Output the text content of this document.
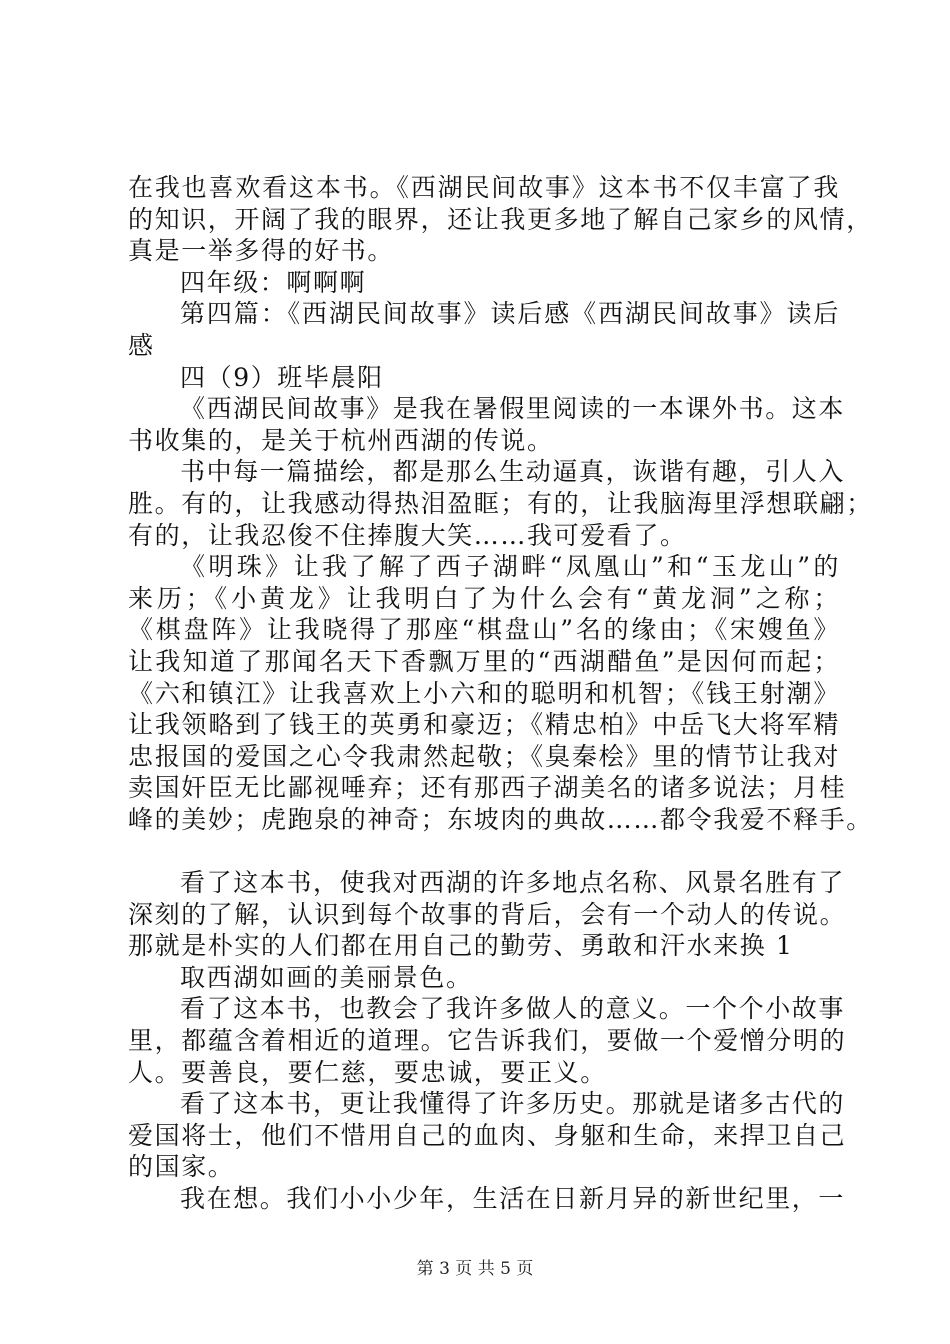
在我也喜欢看这本书。《西湖民间故事》这本书不仅丰富了我
的知识，开阔了我的眼界，还让我更多地了解自己家乡的风情，
真是一举多得的好书。
四年级：啊啊啊
第四篇：《西湖民间故事》读后感《西湖民间故事》读后
感
四（9）班毕晨阳
《西湖民间故事》是我在暑假里阅读的一本课外书。这本
书收集的，是关于杭州西湖的传说。
书中每一篇描绘，都是那么生动逼真，诙谐有趣，引人入
胜。有的，让我感动得热泪盈眶；有的，让我脑海里浮想联翩；
有的，让我忍俊不住捧腹大笑……我可爱看了。
《明珠》让我了解了西子湖畔“凤凰山”和“玉龙山”的
来历；《小黄龙》让我明白了为什么会有“黄龙洞”之称；
《棋盘阵》让我晓得了那座“棋盘山”名的缘由；《宋嫂鱼》
让我知道了那闻名天下香飘万里的“西湖醋鱼”是因何而起；
《六和镇江》让我喜欢上小六和的聪明和机智；《钱王射潮》
让我领略到了钱王的英勇和豪迈；《精忠柏》中岳飞大将军精
忠报国的爱国之心令我肃然起敬；《臭秦桧》里的情节让我对
卖国奸臣无比鄙视唾弃；还有那西子湖美名的诸多说法；月桂
峰的美妙；虎跑泉的神奇；东坡肉的典故……都令我爱不释手。
看了这本书，使我对西湖的许多地点名称、风景名胜有了
深刻的了解，认识到每个故事的背后，会有一个动人的传说。
那就是朴实的人们都在用自己的勤劳、勇敢和汗水来换 1
取西湖如画的美丽景色。
看了这本书，也教会了我许多做人的意义。一个个小故事
里，都蕴含着相近的道理。它告诉我们，要做一个爱憎分明的
人。要善良，要仁慈，要忠诚，要正义。
看了这本书，更让我懂得了许多历史。那就是诸多古代的
爱国将士，他们不惜用自己的血肉、身躯和生命，来捍卫自己
的国家。
我在想。我们小小少年，生活在日新月异的新世纪里，一
第 3 页 共 5 页
